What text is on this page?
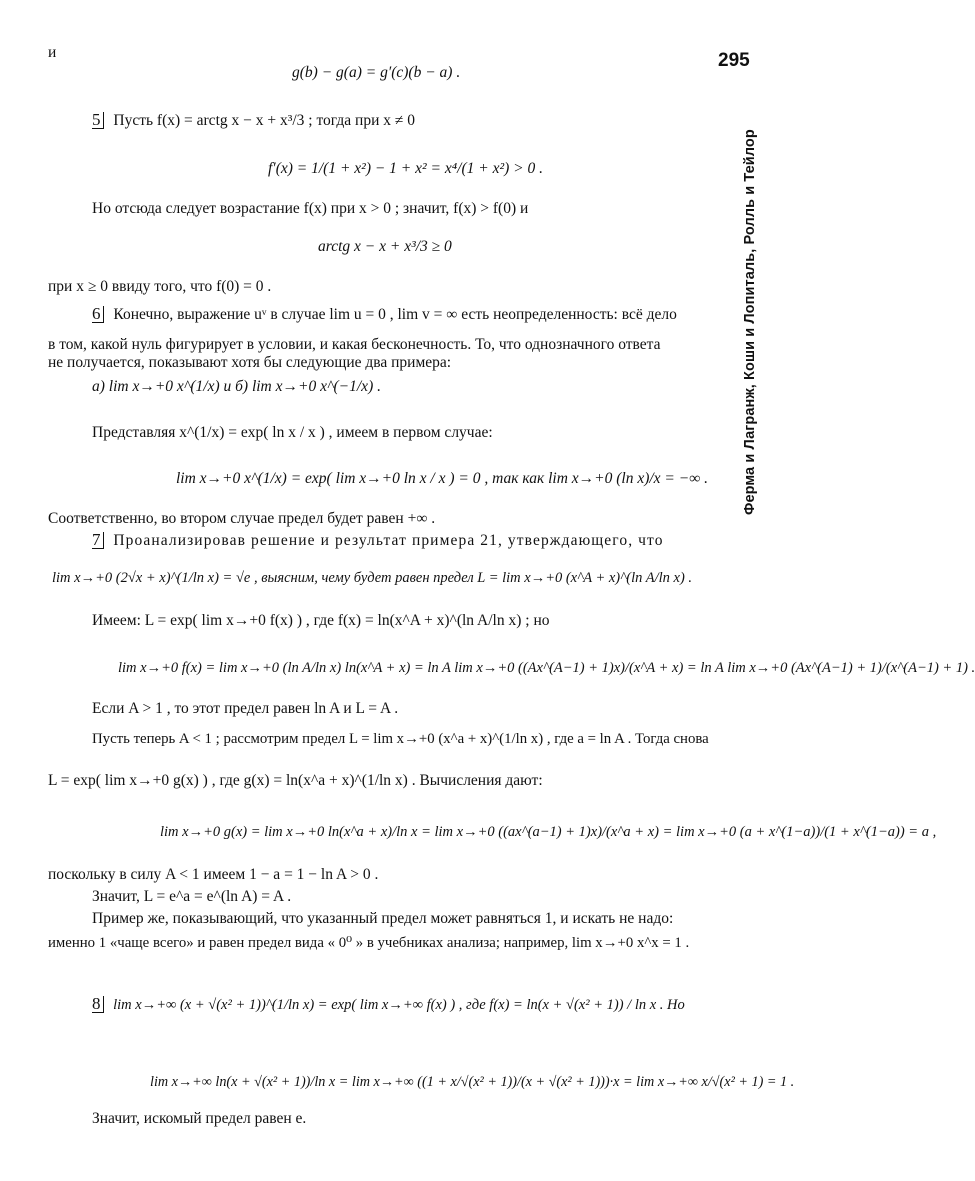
и	295
Ферма и Лагранж, Коши и Лопиталь, Ролль и Тейлор
g(b) − g(a) = g′(c)(b − a) .
5 Пусть f(x) = arctg x − x + x³/3 ; тогда при x ≠ 0
f′(x) = 1/(1 + x²) − 1 + x² = x⁴/(1 + x²) > 0 .
Но отсюда следует возрастание f(x) при x > 0 ; значит, f(x) > f(0) и
arctg x − x + x³/3 ≥ 0
при x ≥ 0 ввиду того, что f(0) = 0 .
6 Конечно, выражение uᵛ в случае lim u = 0 , lim v = ∞ есть неопределенность: всё дело
в том, какой нуль фигурирует в условии, и какая бесконечность. То, что однозначного ответа
не получается, показывают хотя бы следующие два примера:
а) lim x→+0 x^(1/x) и б) lim x→+0 x^(−1/x) .
Представляя x^(1/x) = exp( ln x / x ) , имеем в первом случае:
lim x→+0 x^(1/x) = exp( lim x→+0 ln x / x ) = 0 , так как lim x→+0 (ln x)/x = −∞ .
Соответственно, во втором случае предел будет равен +∞ .
7 Проанализировав решение и результат примера 21, утверждающего, что
lim x→+0 (2√x + x)^(1/ln x) = √e , выясним, чему будет равен предел L = lim x→+0 (x^A + x)^(ln A/ln x) .
Имеем: L = exp( lim x→+0 f(x) ) , где f(x) = ln(x^A + x)^(ln A/ln x) ; но
lim x→+0 f(x) = lim x→+0 (ln A/ln x) ln(x^A + x) = ln A lim x→+0 ((Ax^(A−1) + 1)x)/(x^A + x) = ln A lim x→+0 (Ax^(A−1) + 1)/(x^(A−1) + 1) .
Если A > 1 , то этот предел равен ln A и L = A .
Пусть теперь A < 1 ; рассмотрим предел L = lim x→+0 (x^a + x)^(1/ln x) , где a = ln A . Тогда снова
L = exp( lim x→+0 g(x) ) , где g(x) = ln(x^a + x)^(1/ln x) . Вычисления дают:
lim x→+0 g(x) = lim x→+0 ln(x^a + x)/ln x = lim x→+0 ((ax^(a−1) + 1)x)/(x^a + x) = lim x→+0 (a + x^(1−a))/(1 + x^(1−a)) = a ,
поскольку в силу A < 1 имеем 1 − a = 1 − ln A > 0 .
Значит, L = e^a = e^(ln A) = A .
Пример же, показывающий, что указанный предел может равняться 1, и искать не надо:
именно 1 «чаще всего» и равен предел вида « 0⁰ » в учебниках анализа; например, lim x→+0 x^x = 1 .
8 lim x→+∞ (x + √(x² + 1))^(1/ln x) = exp( lim x→+∞ f(x) ) , где f(x) = ln(x + √(x² + 1)) / ln x . Но
lim x→+∞ ln(x + √(x² + 1))/ln x = lim x→+∞ ((1 + x/√(x² + 1))/(x + √(x² + 1)))·x = lim x→+∞ x/√(x² + 1) = 1 .
Значит, искомый предел равен e.
